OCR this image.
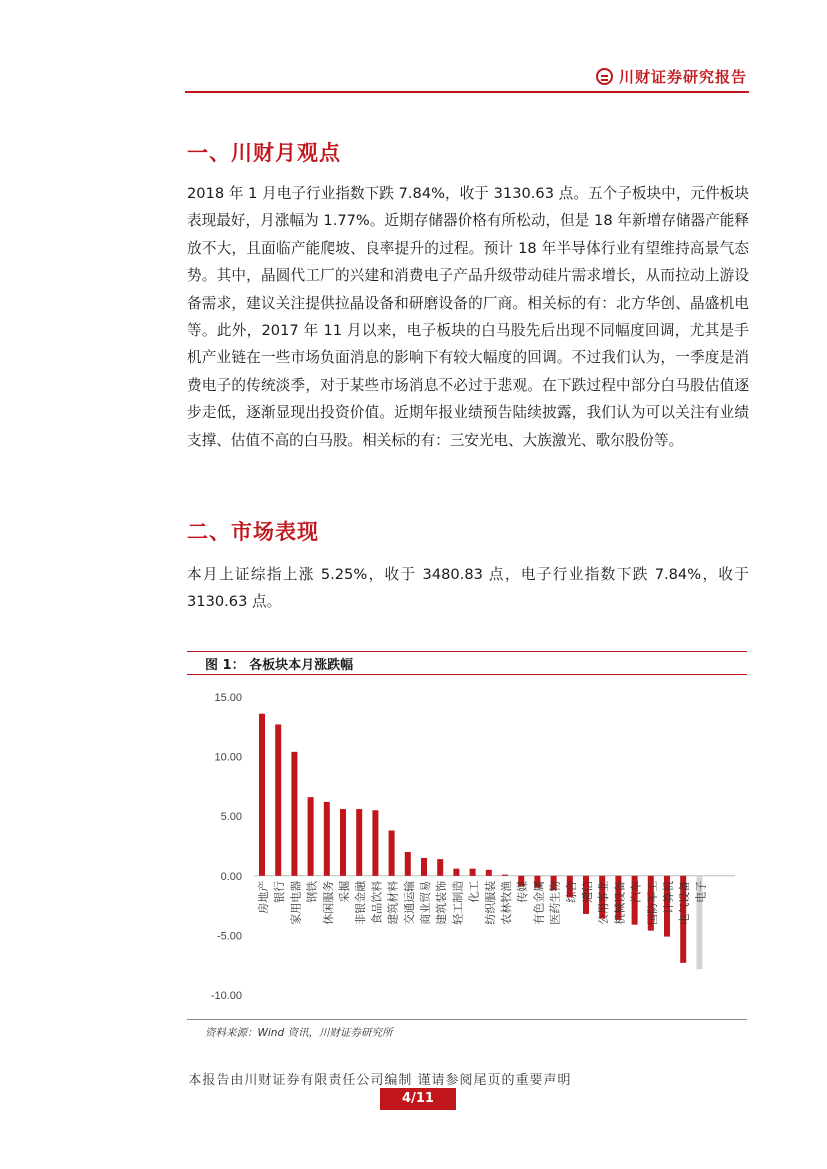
川财证券研究报告
一、川财月观点
2018 年 1 月电子行业指数下跌 7.84%，收于 3130.63 点。五个子板块中，元件板块表现最好，月涨幅为 1.77%。近期存储器价格有所松动，但是 18 年新增存储器产能释放不大，且面临产能爬坡、良率提升的过程。预计 18 年半导体行业有望维持高景气态势。其中，晶圆代工厂的兴建和消费电子产品升级带动硅片需求增长，从而拉动上游设备需求，建议关注提供拉晶设备和研磨设备的厂商。相关标的有：北方华创、晶盛机电等。此外，2017 年 11 月以来，电子板块的白马股先后出现不同幅度回调，尤其是手机产业链在一些市场负面消息的影响下有较大幅度的回调。不过我们认为，一季度是消费电子的传统淡季，对于某些市场消息不必过于悲观。在下跌过程中部分白马股估值逐步走低，逐渐显现出投资价值。近期年报业绩预告陆续披露，我们认为可以关注有业绩支撑、估值不高的白马股。相关标的有：三安光电、大族激光、歌尔股份等。
二、市场表现
本月上证综指上涨 5.25%，收于 3480.83 点，电子行业指数下跌 7.84%，收于 3130.63 点。
图 1： 各板块本月涨跌幅
15.00
10.00
5.00
0.00
-5.00
-10.00
房地产 银行 家用电器 钢铁 休闲服务 采掘 非银金融 食品饮料 建筑材料 交通运输 商业贸易 建筑装饰 轻工制造 化工 纺织服装 农林牧渔 传媒 有色金属 医药生物 综合 通信 公用事业 机械设备 汽车 国防军工 计算机 电气设备 电子
资料来源：Wind 资讯，川财证券研究所
本报告由川财证券有限责任公司编制 谨请参阅尾页的重要声明
4/11
